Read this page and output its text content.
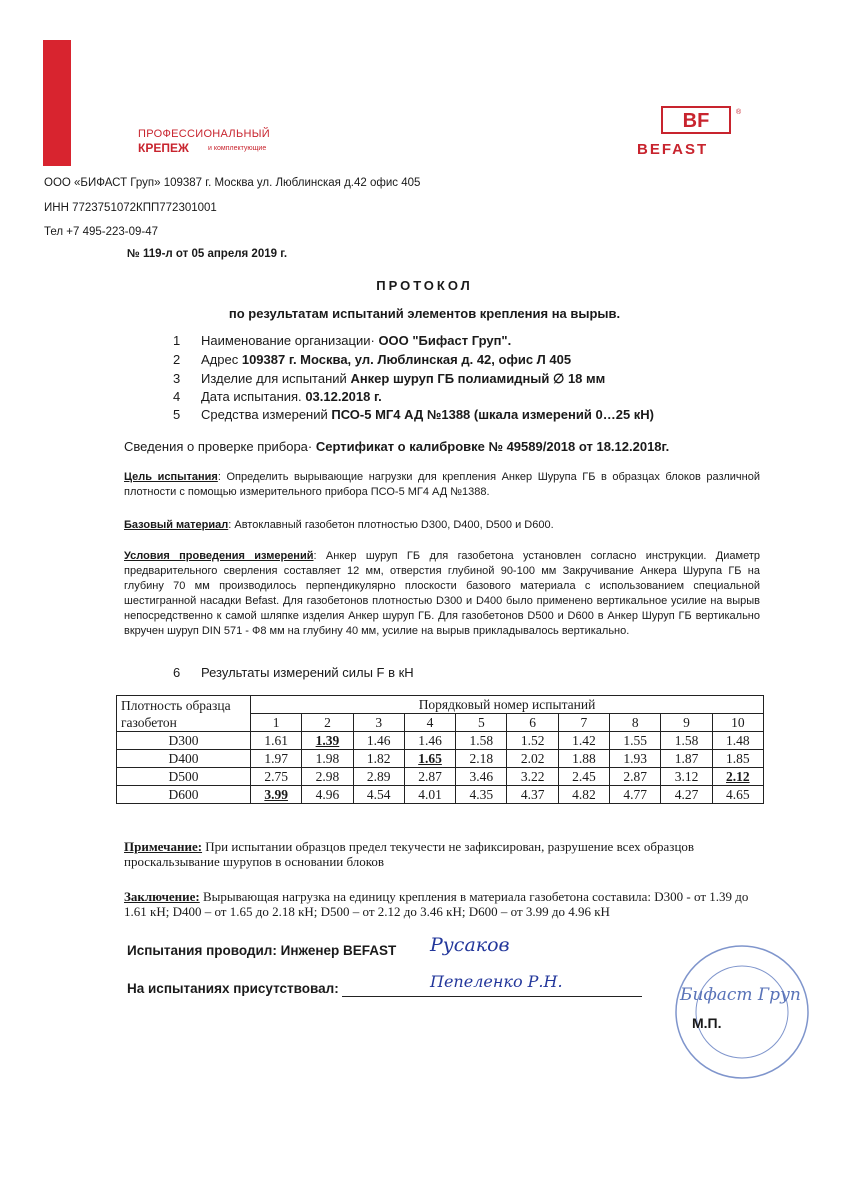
ПРОФЕССИОНАЛЬНЫЙ
КРЕПЕЖ	и комплектующие
BF	®
BEFAST
ООО «БИФАСТ Груп» 109387 г. Москва ул. Люблинская д.42 офис 405
ИНН 7723751072КПП772301001
Тел +7 495-223-09-47
№ 119-л от 05 апреля 2019 г.
ПРОТОКОЛ
по результатам испытаний элементов крепления на вырыв.
1 Наименование организации· ООО "Бифаст Груп".
2 Адрес 109387 г. Москва, ул. Люблинская д. 42, офис Л 405
3 Изделие для испытаний Анкер шуруп ГБ полиамидный ∅ 18 мм
4 Дата испытания. 03.12.2018 г.
5 Средства измерений ПСО-5 МГ4 АД №1388 (шкала измерений 0…25 кН)
Сведения о проверке прибора· Сертификат о калибровке № 49589/2018 от 18.12.2018г.
Цель испытания: Определить вырывающие нагрузки для крепления Анкер Шурупа ГБ в образцах блоков различной плотности с помощью измерительного прибора ПСО-5 МГ4 АД №1388.
Базовый материал: Автоклавный газобетон плотностью D300, D400, D500 и D600.
Условия проведения измерений: Анкер шуруп ГБ для газобетона установлен согласно инструкции. Диаметр предварительного сверления составляет 12 мм, отверстия глубиной 90-100 мм Закручивание Анкера Шурупа ГБ на глубину 70 мм производилось перпендикулярно плоскости базового материала с использованием специальной шестигранной насадки Befast. Для газобетонов плотностью D300 и D400 было применено вертикальное усилие на вырыв непосредственно к самой шляпке изделия Анкер шуруп ГБ. Для газобетонов D500 и D600 в Анкер Шуруп ГБ вертикально вкручен шуруп DIN 571 - Ф8 мм на глубину 40 мм, усилие на вырыв прикладывалось вертикально.
6 Результаты измерений силы F в кН
Плотность образца газобетон	Порядковый номер испытаний									
	1	2	3	4	5	6	7	8	9	10
D300	1.61	1.39	1.46	1.46	1.58	1.52	1.42	1.55	1.58	1.48
D400	1.97	1.98	1.82	1.65	2.18	2.02	1.88	1.93	1.87	1.85
D500	2.75	2.98	2.89	2.87	3.46	3.22	2.45	2.87	3.12	2.12
D600	3.99	4.96	4.54	4.01	4.35	4.37	4.82	4.77	4.27	4.65
Примечание: При испытании образцов предел текучести не зафиксирован, разрушение всех образцов проскальзывание шурупов в основании блоков
Заключение: Вырывающая нагрузка на единицу крепления в материала газобетона составила: D300 - от 1.39 до 1.61 кН; D400 – от 1.65 до 2.18 кН; D500 – от 2.12 до 3.46 кН; D600 – от 3.99 до 4.96 кН
Испытания проводил: Инженер BEFAST Русаков
На испытаниях присутствовал:	Пепеленко Р.Н.
Бифаст Груп
М.П.
